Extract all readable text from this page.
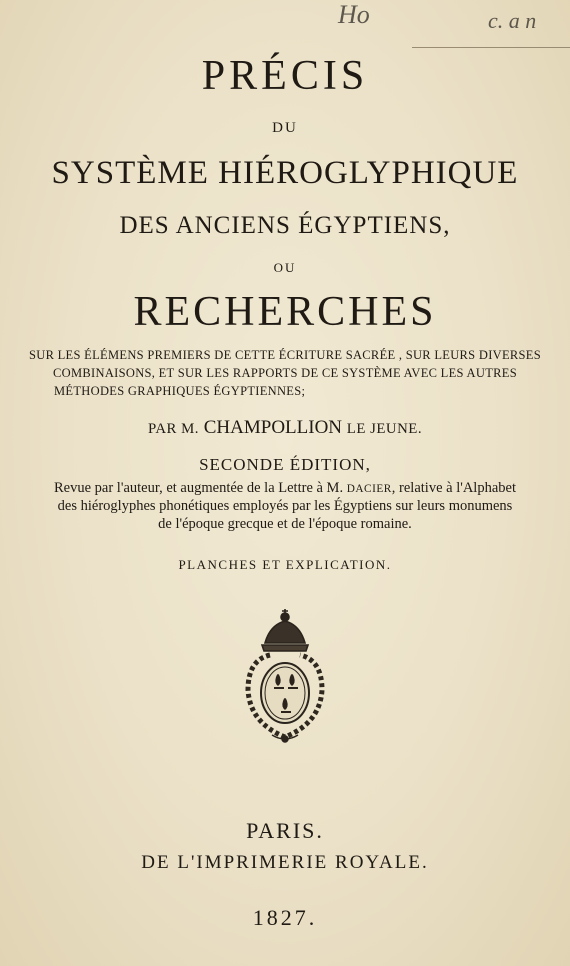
Ho	c. a n
PRÉCIS
DU
SYSTÈME HIÉROGLYPHIQUE
DES ANCIENS ÉGYPTIENS,
OU
RECHERCHES
SUR LES ÉLÉMENS PREMIERS DE CETTE ÉCRITURE SACRÉE , SUR LEURS DIVERSES
COMBINAISONS, ET SUR LES RAPPORTS DE CE SYSTÈME AVEC LES AUTRES
MÉTHODES GRAPHIQUES ÉGYPTIENNES;
PAR M. CHAMPOLLION LE JEUNE.
SECONDE ÉDITION,
Revue par l'auteur, et augmentée de la Lettre à M. DACIER, relative à l'Alphabet
des hiéroglyphes phonétiques employés par les Égyptiens sur leurs monumens
de l'époque grecque et de l'époque romaine.
PLANCHES ET EXPLICATION.
PARIS.
DE L'IMPRIMERIE ROYALE.
1827.
